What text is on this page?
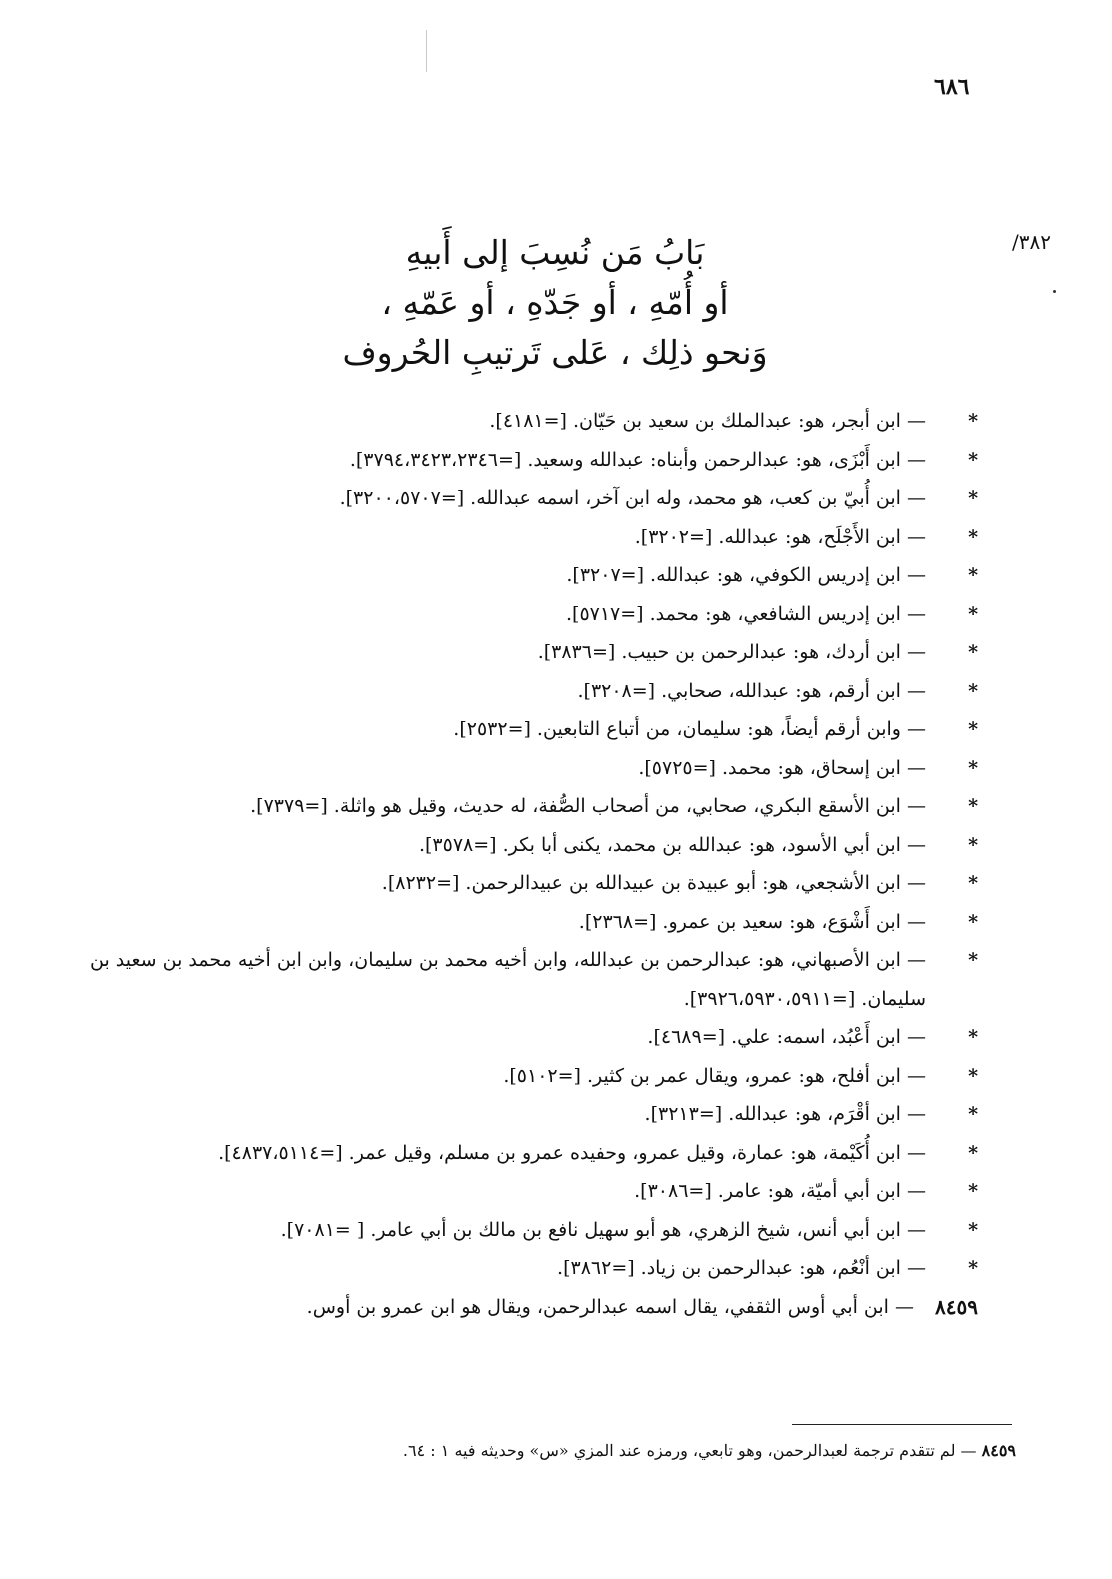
٦٨٦
/٣٨٢
بَابُ مَن نُسِبَ إلى أَبيهِ
أو أُمّهِ ، أو جَدّهِ ، أو عَمّهِ ،
وَنحو ذلِك ، عَلى تَرتيبِ الحُروف
*
— ابن أبجر، هو: عبدالملك بن سعيد بن حَيّان. [=٤١٨١].
*
— ابن أَبْزَى، هو: عبدالرحمن وأبناه: عبدالله وسعيد. [=٣٧٩٤،٣٤٢٣،٢٣٤٦].
*
— ابن أُبيّ بن كعب، هو محمد، وله ابن آخر، اسمه عبدالله. [=٣٢٠٠،٥٧٠٧].
*
— ابن الأَجْلَح، هو: عبدالله. [=٣٢٠٢].
*
— ابن إدريس الكوفي، هو: عبدالله. [=٣٢٠٧].
*
— ابن إدريس الشافعي، هو: محمد. [=٥٧١٧].
*
— ابن أردك، هو: عبدالرحمن بن حبيب. [=٣٨٣٦].
*
— ابن أرقم، هو: عبدالله، صحابي. [=٣٢٠٨].
*
— وابن أرقم أيضاً، هو: سليمان، من أتباع التابعين. [=٢٥٣٢].
*
— ابن إسحاق، هو: محمد. [=٥٧٢٥].
*
— ابن الأسقع البكري، صحابي، من أصحاب الصُّفة، له حديث، وقيل هو واثلة. [=٧٣٧٩].
*
— ابن أبي الأسود، هو: عبدالله بن محمد، يكنى أبا بكر. [=٣٥٧٨].
*
— ابن الأشجعي، هو: أبو عبيدة بن عبيدالله بن عبيدالرحمن. [=٨٢٣٢].
*
— ابن أَشْوَع، هو: سعيد بن عمرو. [=٢٣٦٨].
*
— ابن الأصبهاني، هو: عبدالرحمن بن عبدالله، وابن أخيه محمد بن سليمان، وابن ابن أخيه محمد بن سعيد بن سليمان. [=٣٩٢٦،٥٩٣٠،٥٩١١].
*
— ابن أَعْبُد، اسمه: علي. [=٤٦٨٩].
*
— ابن أفلح، هو: عمرو، ويقال عمر بن كثير. [=٥١٠٢].
*
— ابن أقْرَم، هو: عبدالله. [=٣٢١٣].
*
— ابن أُكَيْمة، هو: عمارة، وقيل عمرو، وحفيده عمرو بن مسلم، وقيل عمر. [=٤٨٣٧،٥١١٤].
*
— ابن أبي أميّة، هو: عامر. [=٣٠٨٦].
*
— ابن أبي أنس، شيخ الزهري، هو أبو سهيل نافع بن مالك بن أبي عامر. [ =٧٠٨١].
*
— ابن أنْعُم، هو: عبدالرحمن بن زياد. [=٣٨٦٢].
٨٤٥٩
— ابن أبي أوس الثقفي، يقال اسمه عبدالرحمن، ويقال هو ابن عمرو بن أوس.
٨٤٥٩ — لم تتقدم ترجمة لعبدالرحمن، وهو تابعي، ورمزه عند المزي «س» وحديثه فيه ١ : ٦٤.
